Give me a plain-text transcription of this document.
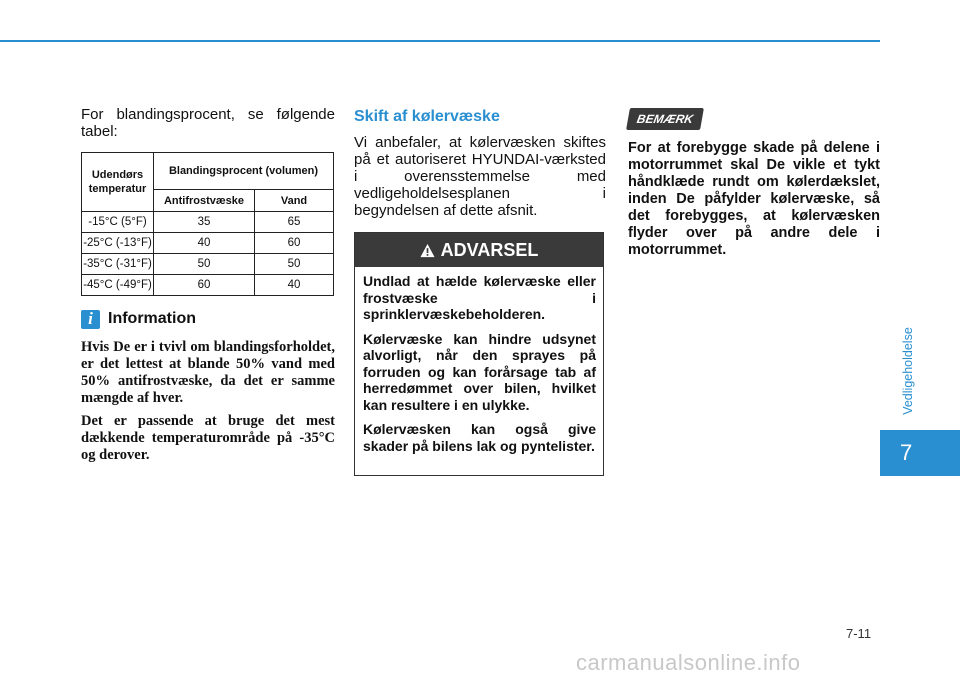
For blandingsprocent, se følgende tabel:

Udendørs temperatur	Blandingsprocent (volumen)	
	Antifrostvæske	Vand
-15°C (5°F)	35	65
-25°C (-13°F)	40	60
-35°C (-31°F)	50	50
-45°C (-49°F)	60	40
i Information

Hvis De er i tvivl om blandingsforholdet, er det lettest at blande 50% vand med 50% antifrostvæske, da det er samme mængde af hver.

Det er passende at bruge det mest dækkende temperaturområde på -35°C og derover.

Skift af kølervæske

Vi anbefaler, at kølervæsken skiftes på et autoriseret HYUNDAI-værksted i overensstemmelse med vedligeholdelsesplanen i begyndelsen af dette afsnit.

ADVARSEL

Undlad at hælde kølervæske eller frostvæske i sprinklervæskebeholderen.

Kølervæske kan hindre udsynet alvorligt, når den sprayes på forruden og kan forårsage tab af herredømmet over bilen, hvilket kan resultere i en ulykke.

Kølervæsken kan også give skader på bilens lak og pyntelister.

BEMÆRK

For at forebygge skade på delene i motorrummet skal De vikle et tykt håndklæde rundt om kølerdækslet, inden De påfylder kølervæske, så det forebygges, at kølervæsken flyder over på andre dele i motorrummet.

Vedligeholdelse
7
7-11
carmanualsonline.info
